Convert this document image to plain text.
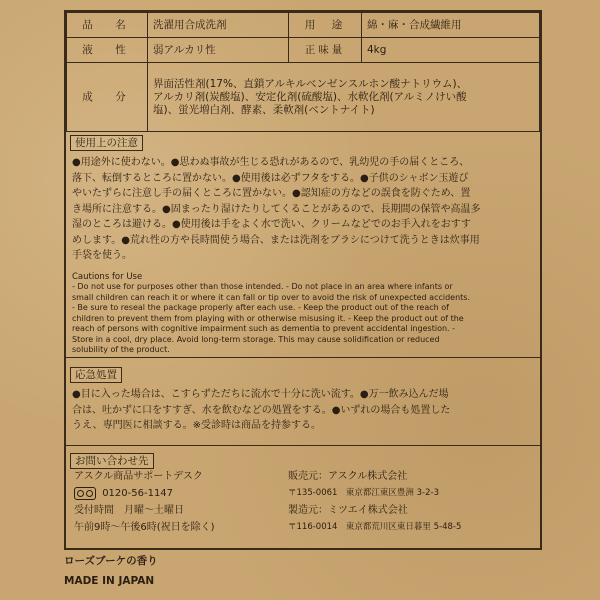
品　名	洗濯用合成洗剤	用　途	綿・麻・合成繊維用
液　性	弱アルカリ性	正味量	4kg
成　分	界面活性剤(17%、直鎖アルキルベンゼンスルホン酸ナトリウム)、
アルカリ剤(炭酸塩)、安定化剤(硫酸塩)、水軟化剤(アルミノけい酸
塩)、蛍光増白剤、酵素、柔軟剤(ベントナイト)		
使用上の注意
●用途外に使わない。●思わぬ事故が生じる恐れがあるので、乳幼児の手の届くところ、
落下、転倒するところに置かない。●使用後は必ずフタをする。●子供のシャボン玉遊び
やいたずらに注意し手の届くところに置かない。●認知症の方などの誤食を防ぐため、置
き場所に注意する。●固まったり湿けたりしてくることがあるので、長期間の保管や高温多
湿のところは避ける。●使用後は手をよく水で洗い、クリームなどでのお手入れをおすす
めします。●荒れ性の方や長時間使う場合、または洗剤をブラシにつけて洗うときは炊事用
手袋を使う。
Cautions for Use
- Do not use for purposes other than those intended. - Do not place in an area where infants or
small children can reach it or where it can fall or tip over to avoid the risk of unexpected accidents.
- Be sure to reseal the package properly after each use. - Keep the product out of the reach of
children to prevent them from playing with or otherwise misusing it. - Keep the product out of the
reach of persons with cognitive impairment such as dementia to prevent accidental ingestion. -
Store in a cool, dry place. Avoid long-term storage. This may cause solidification or reduced
solubility of the product.
応急処置
●目に入った場合は、こすらずただちに流水で十分に洗い流す。●万一飲み込んだ場
合は、吐かずに口をすすぎ、水を飲むなどの処置をする。●いずれの場合も処置した
うえ、専門医に相談する。※受診時は商品を持参する。
お問い合わせ先
アスクル商品サポートデスク
0120-56-1147
受付時間　月曜～土曜日
午前9時～午後6時(祝日を除く)
販売元：アスクル株式会社
〒135-0061　東京都江東区豊洲 3-2-3
製造元：ミツエイ株式会社
〒116-0014　東京都荒川区東日暮里 5-48-5
ローズブーケの香り
MADE IN JAPAN
